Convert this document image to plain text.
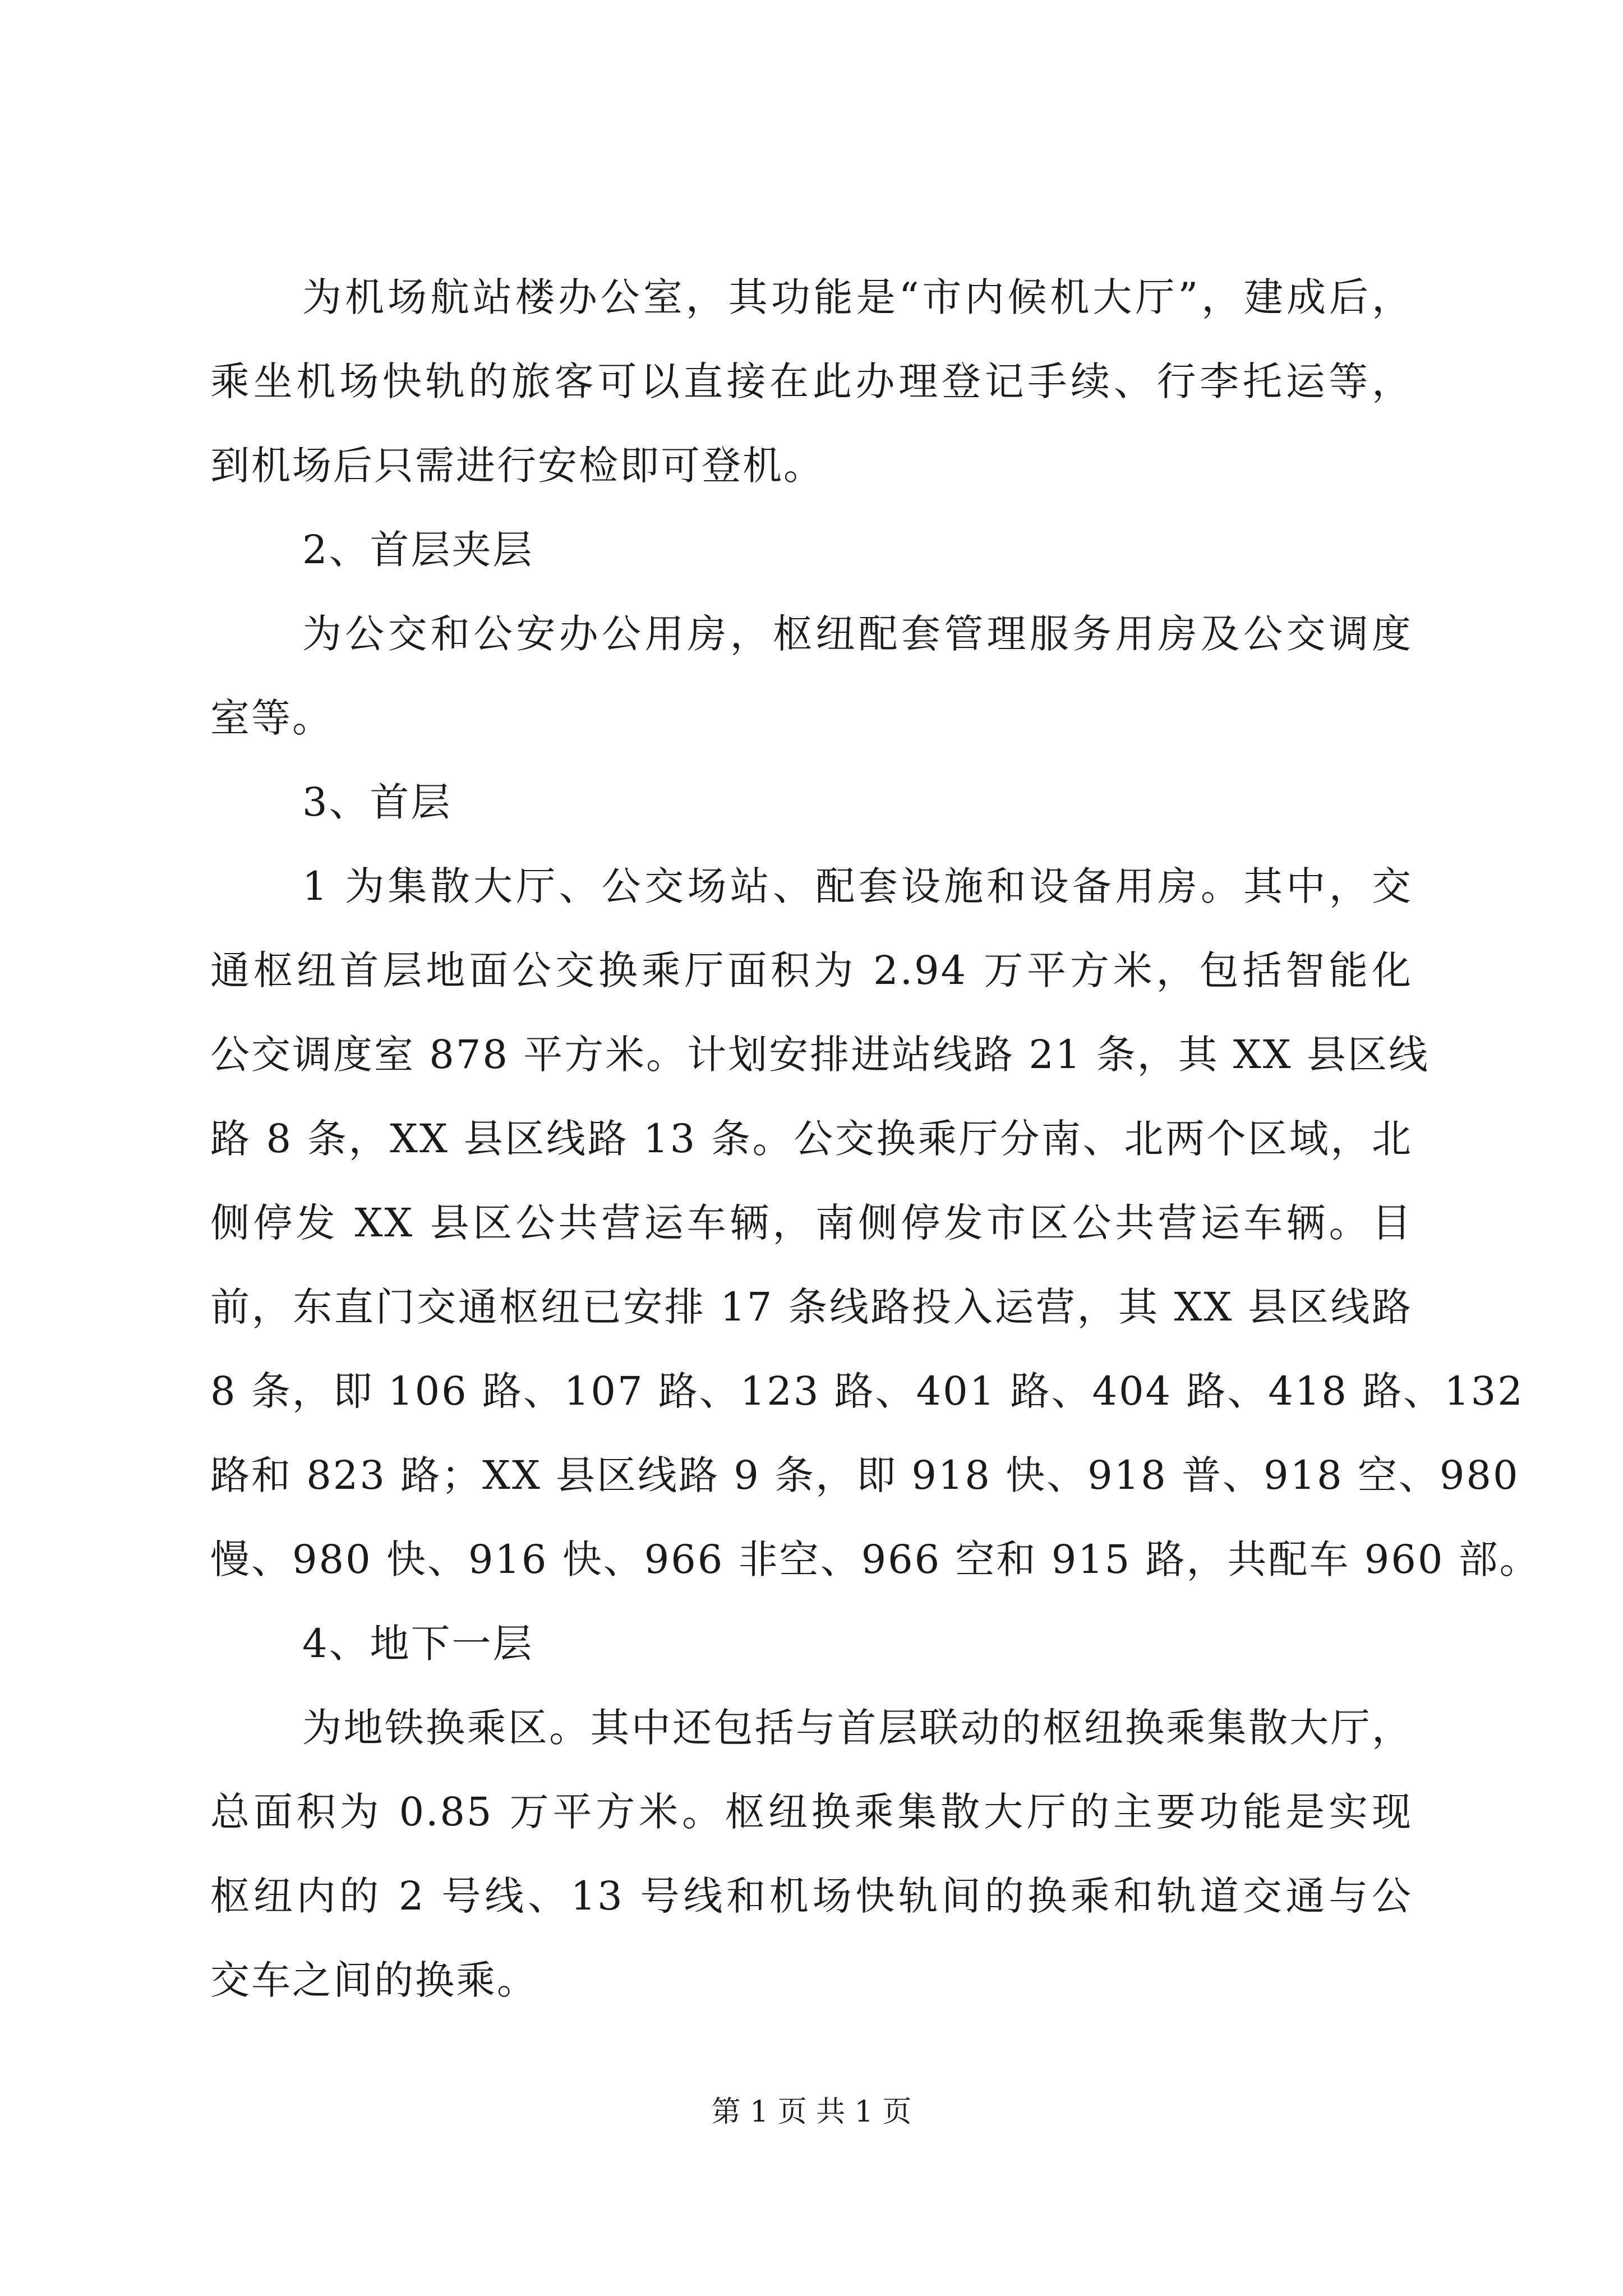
为机场航站楼办公室，其功能是“市内候机大厅”，建成后，
乘坐机场快轨的旅客可以直接在此办理登记手续、行李托运等，
到机场后只需进行安检即可登机。
2、首层夹层
为公交和公安办公用房，枢纽配套管理服务用房及公交调度
室等。
3、首层
1 为集散大厅、公交场站、配套设施和设备用房。其中，交
通枢纽首层地面公交换乘厅面积为 2.94 万平方米，包括智能化
公交调度室 878 平方米。计划安排进站线路 21 条，其 XX 县区线
路 8 条，XX 县区线路 13 条。公交换乘厅分南、北两个区域，北
侧停发 XX 县区公共营运车辆，南侧停发市区公共营运车辆。目
前，东直门交通枢纽已安排 17 条线路投入运营，其 XX 县区线路
8 条，即 106 路、107 路、123 路、401 路、404 路、418 路、132
路和 823 路；XX 县区线路 9 条，即 918 快、918 普、918 空、980
慢、980 快、916 快、966 非空、966 空和 915 路，共配车 960 部。
4、地下一层
为地铁换乘区。其中还包括与首层联动的枢纽换乘集散大厅，
总面积为 0.85 万平方米。枢纽换乘集散大厅的主要功能是实现
枢纽内的 2 号线、13 号线和机场快轨间的换乘和轨道交通与公
交车之间的换乘。
第 1 页 共 1 页
